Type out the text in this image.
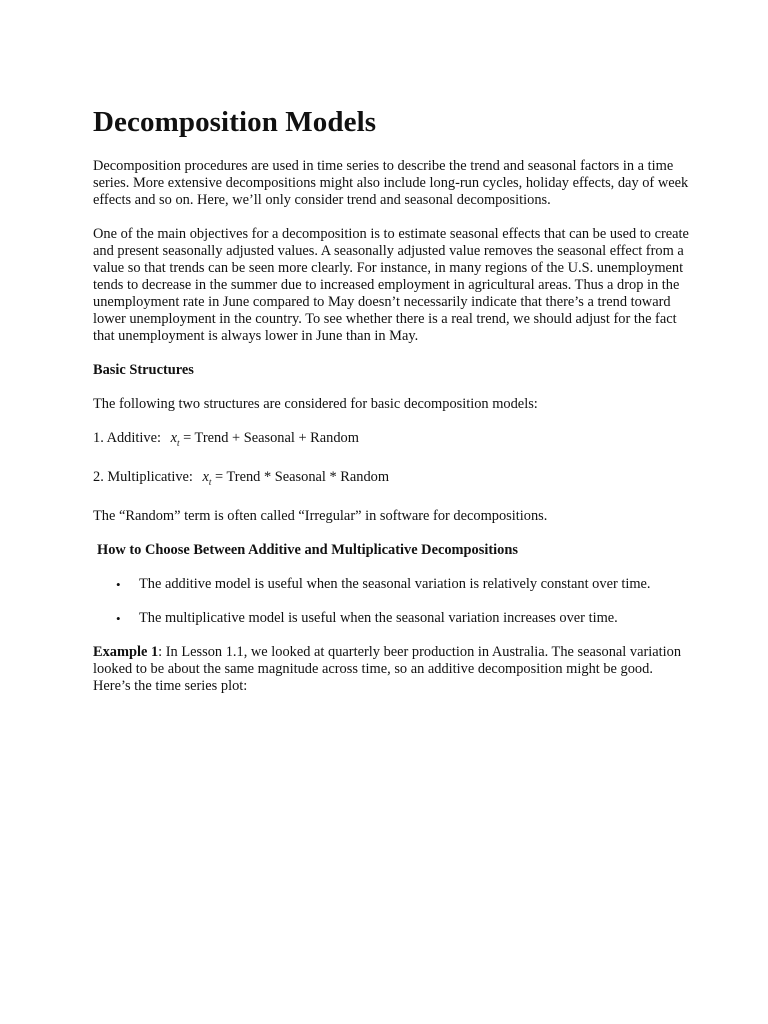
Decomposition Models

Decomposition procedures are used in time series to describe the trend and seasonal factors in a time series. More extensive decompositions might also include long-run cycles, holiday effects, day of week effects and so on. Here, we’ll only consider trend and seasonal decompositions.

One of the main objectives for a decomposition is to estimate seasonal effects that can be used to create and present seasonally adjusted values. A seasonally adjusted value removes the seasonal effect from a value so that trends can be seen more clearly. For instance, in many regions of the U.S. unemployment tends to decrease in the summer due to increased employment in agricultural areas. Thus a drop in the unemployment rate in June compared to May doesn’t necessarily indicate that there’s a trend toward lower unemployment in the country. To see whether there is a real trend, we should adjust for the fact that unemployment is always lower in June than in May.

Basic Structures

The following two structures are considered for basic decomposition models:

1. Additive: $x_t$ = Trend + Seasonal + Random
2. Multiplicative: $x_t$ = Trend * Seasonal * Random

The “Random” term is often called “Irregular” in software for decompositions.

How to Choose Between Additive and Multiplicative Decompositions
• The additive model is useful when the seasonal variation is relatively constant over time.
• The multiplicative model is useful when the seasonal variation increases over time.

Example 1: In Lesson 1.1, we looked at quarterly beer production in Australia. The seasonal variation looked to be about the same magnitude across time, so an additive decomposition might be good. Here’s the time series plot:
